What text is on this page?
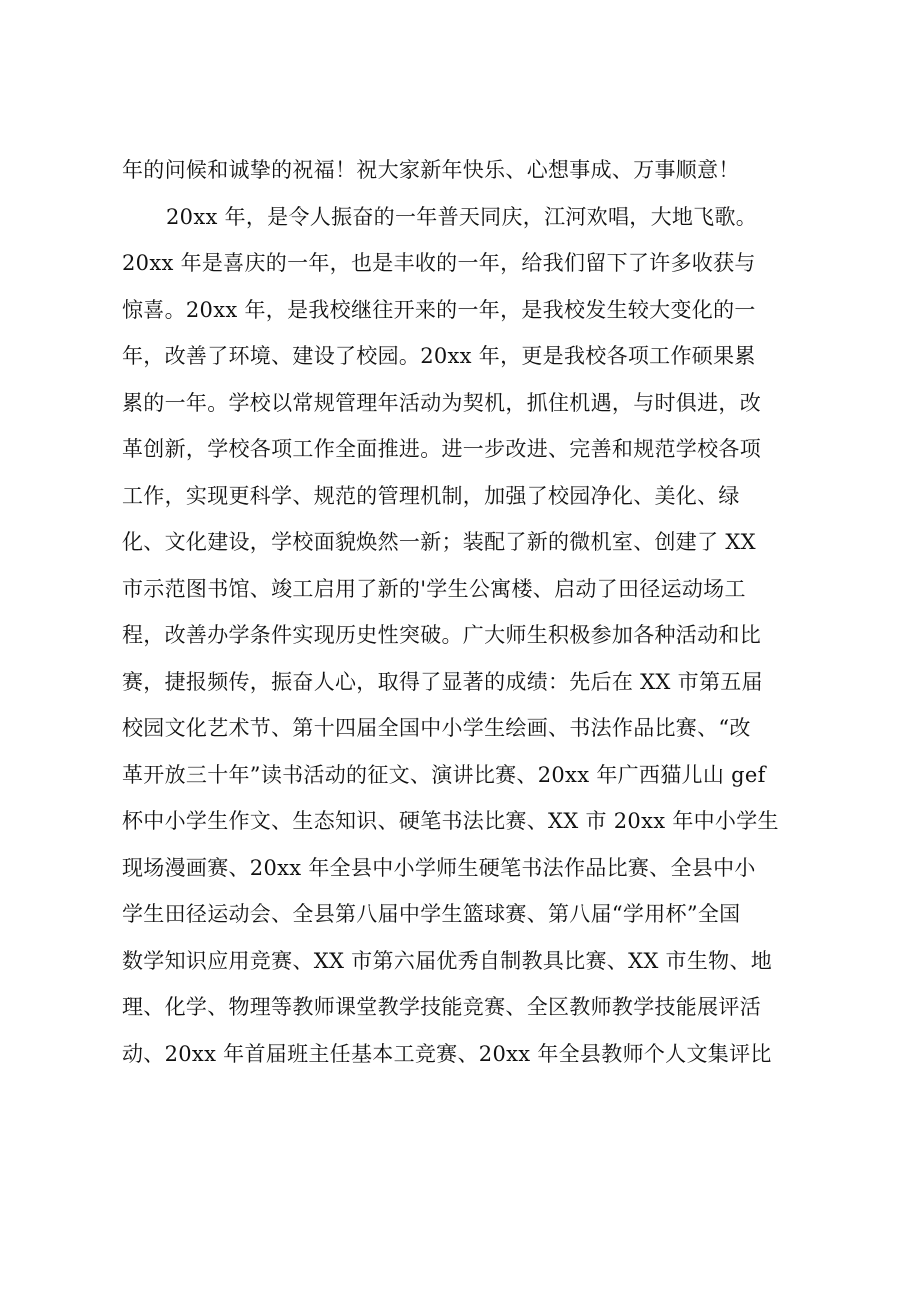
年的问候和诚挚的祝福！祝大家新年快乐、心想事成、万事顺意！
20xx 年，是令人振奋的一年普天同庆，江河欢唱，大地飞歌。
20xx 年是喜庆的一年，也是丰收的一年，给我们留下了许多收获与
惊喜。20xx 年，是我校继往开来的一年，是我校发生较大变化的一
年，改善了环境、建设了校园。20xx 年，更是我校各项工作硕果累
累的一年。学校以常规管理年活动为契机，抓住机遇，与时俱进，改
革创新，学校各项工作全面推进。进一步改进、完善和规范学校各项
工作，实现更科学、规范的管理机制，加强了校园净化、美化、绿
化、文化建设，学校面貌焕然一新；装配了新的微机室、创建了 XX
市示范图书馆、竣工启用了新的'学生公寓楼、启动了田径运动场工
程，改善办学条件实现历史性突破。广大师生积极参加各种活动和比
赛，捷报频传，振奋人心，取得了显著的成绩：先后在 XX 市第五届
校园文化艺术节、第十四届全国中小学生绘画、书法作品比赛、“改
革开放三十年”读书活动的征文、演讲比赛、20xx 年广西猫儿山 gef
杯中小学生作文、生态知识、硬笔书法比赛、XX 市 20xx 年中小学生
现场漫画赛、20xx 年全县中小学师生硬笔书法作品比赛、全县中小
学生田径运动会、全县第八届中学生篮球赛、第八届“学用杯”全国
数学知识应用竞赛、XX 市第六届优秀自制教具比赛、XX 市生物、地
理、化学、物理等教师课堂教学技能竞赛、全区教师教学技能展评活
动、20xx 年首届班主任基本工竞赛、20xx 年全县教师个人文集评比
